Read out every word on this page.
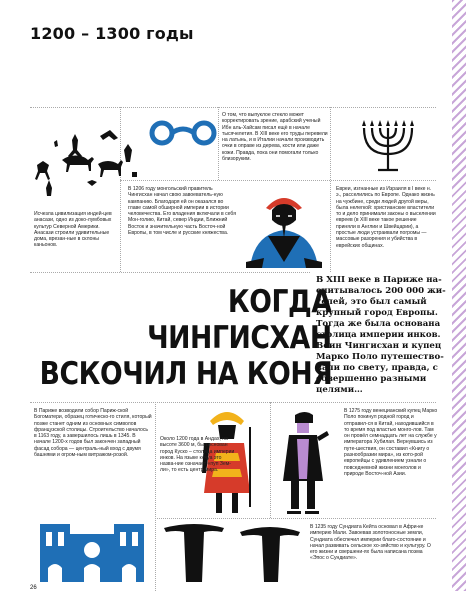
1200 – 1300 годы
Исчезла цивилизация индей-цев анасази, одно из доко-лумбовых культур Северной Америки. Анасази строили удивительные дома, врезан-ные в склоны каньонов.
О том, что выпуклое стекло может корректировать зрение, арабский ученый Ибн аль-Хайсам писал ещё в начале тысячелетия. В XIII веке его труды перевели на латынь, и в Италии начали производить очки в оправе из дерева, кости или даже кожи. Правда, пока они помогали только близоруким.
В 1206 году монгольский правитель Чингисхан начал свою завоеватель-ную кампанию. Благодаря ей он оказался во главе самой обширной империи в истории человечества. Его владения включали в себя Мон-голию, Китай, север Индии, Ближний Восток и значительную часть Восточ-ной Европы, в том числе и русские княжества.
Евреи, изгнанные из Израиля в I веке н. э., расселились по Европе. Однако жизнь на чужбине, среди людей другой веры, была нелегкой: христианские властители то и дело принимали законы о выселении евреев (в XIII веке такое решение приняли в Англии и Швейцарии), а простые люди устраивали погромы — массовые разорения и убийства в еврейских общинах.
КОГДА
ЧИНГИСХАН
ВСКОЧИЛ НА КОНЯ
В XIII веке в Париже на-считывалось 200 000 жи-телей, это был самый крупный город Европы. Тогда же была основана столица империи инков. Воин Чингисхан и купец Марко Поло путешество-вали по свету, правда, с совершенно разными целями…
В Париже возводили собор Париж-ской Богоматери, образец готическо-го стиля, который позже станет одним из основных символов французской столицы. Строительство началось в 1163 году, а завершилось лишь в 1345. В начале 1200-х годов был закончен западный фасад собора — централь-ный вход с двумя башнями и огром-ным витражом-розой.
Около 1200 года в Андах, на высоте 3600 м, был основан город Куско – столица империи инков. На языке кечуа это назва-ние означает «пуп Зем-ли», то есть центр мира.
В 1275 году венецианский купец Марко Поло покинул родной город и отправил-ся в Китай, находившийся в то время под властью монго-лов. Там он провёл семнадцать лет на службе у императора Хубилая. Вернувшись из путе-шествия, он составил «Книгу о разнообразии мира», из кото-рой европейцы с удивлением узнали о повседневной жизни монголов и природе Восточ-ной Азии.
В 1235 году Сундиата Кейта основал в Афри-ке империю Мали. Завоевав золотоносные земли, Сундиата обеспечил империи благо-состояние и начал развивать сельское хо-зяйство и культуру. О его жизни и свершени-ях была написана поэма «Эпос о Сундиате».
26
